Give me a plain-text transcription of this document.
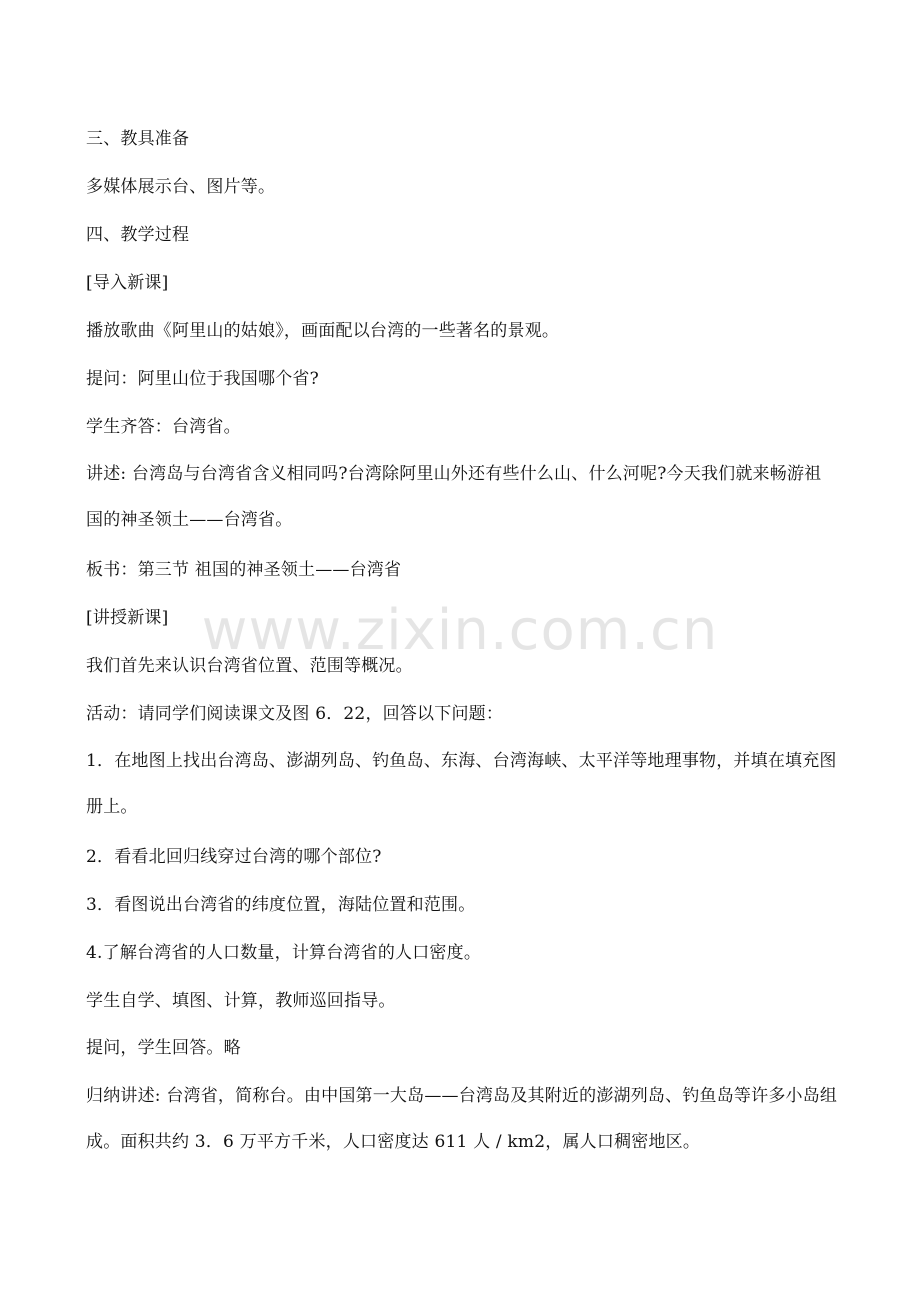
三、教具准备
多媒体展示台、图片等。
四、教学过程
[导入新课]
播放歌曲《阿里山的姑娘》，画面配以台湾的一些著名的景观。
提问：阿里山位于我国哪个省?
学生齐答：台湾省。
讲述: 台湾岛与台湾省含义相同吗?台湾除阿里山外还有些什么山、什么河呢?今天我们就来畅游祖国的神圣领土——台湾省。
板书：第三节 祖国的神圣领土——台湾省
[讲授新课]
我们首先来认识台湾省位置、范围等概况。
活动：请同学们阅读课文及图 6．22，回答以下问题：
1．在地图上找出台湾岛、澎湖列岛、钓鱼岛、东海、台湾海峡、太平洋等地理事物，并填在填充图册上。
2．看看北回归线穿过台湾的哪个部位?
3．看图说出台湾省的纬度位置，海陆位置和范围。
4.了解台湾省的人口数量，计算台湾省的人口密度。
学生自学、填图、计算，教师巡回指导。
提问，学生回答。略
归纳讲述: 台湾省，简称台。由中国第一大岛——台湾岛及其附近的澎湖列岛、钓鱼岛等许多小岛组成。面积共约 3．6 万平方千米，人口密度达 611 人 / km2，属人口稠密地区。
www.zixin.com.cn
